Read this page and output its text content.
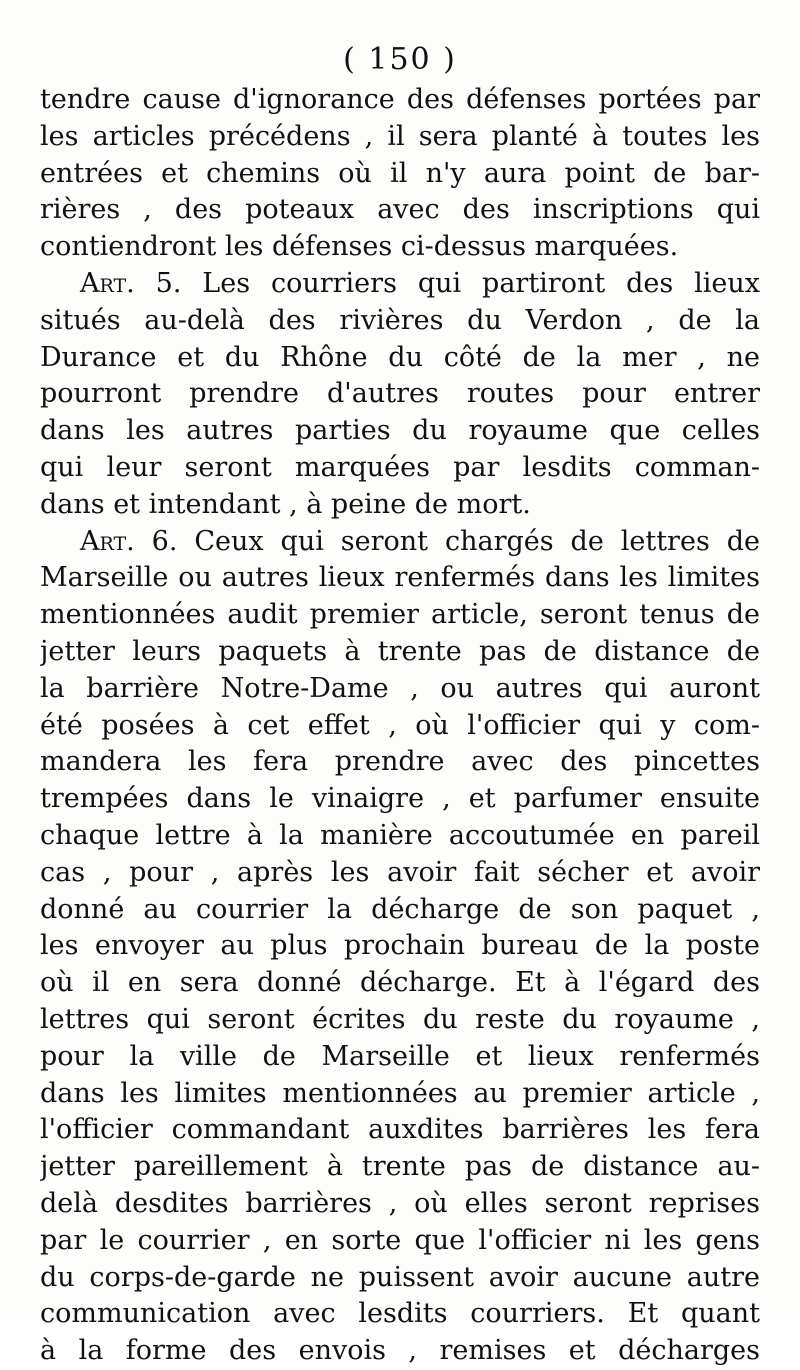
( 150 )
tendre cause d'ignorance des défenses portées par
les articles précédens , il sera planté à toutes les
entrées et chemins où il n'y aura point de bar-
rières , des poteaux avec des inscriptions qui
contiendront les défenses ci-dessus marquées.
Art. 5. Les courriers qui partiront des lieux
situés au-delà des rivières du Verdon , de la
Durance et du Rhône du côté de la mer , ne
pourront prendre d'autres routes pour entrer
dans les autres parties du royaume que celles
qui leur seront marquées par lesdits comman-
dans et intendant , à peine de mort.
Art. 6. Ceux qui seront chargés de lettres de
Marseille ou autres lieux renfermés dans les limites
mentionnées audit premier article, seront tenus de
jetter leurs paquets à trente pas de distance de
la barrière Notre-Dame , ou autres qui auront
été posées à cet effet , où l'officier qui y com-
mandera les fera prendre avec des pincettes
trempées dans le vinaigre , et parfumer ensuite
chaque lettre à la manière accoutumée en pareil
cas , pour , après les avoir fait sécher et avoir
donné au courrier la décharge de son paquet ,
les envoyer au plus prochain bureau de la poste
où il en sera donné décharge. Et à l'égard des
lettres qui seront écrites du reste du royaume ,
pour la ville de Marseille et lieux renfermés
dans les limites mentionnées au premier article ,
l'officier commandant auxdites barrières les fera
jetter pareillement à trente pas de distance au-
delà desdites barrières , où elles seront reprises
par le courrier , en sorte que l'officier ni les gens
du corps-de-garde ne puissent avoir aucune autre
communication avec lesdits courriers. Et quant
à la forme des envois , remises et décharges
